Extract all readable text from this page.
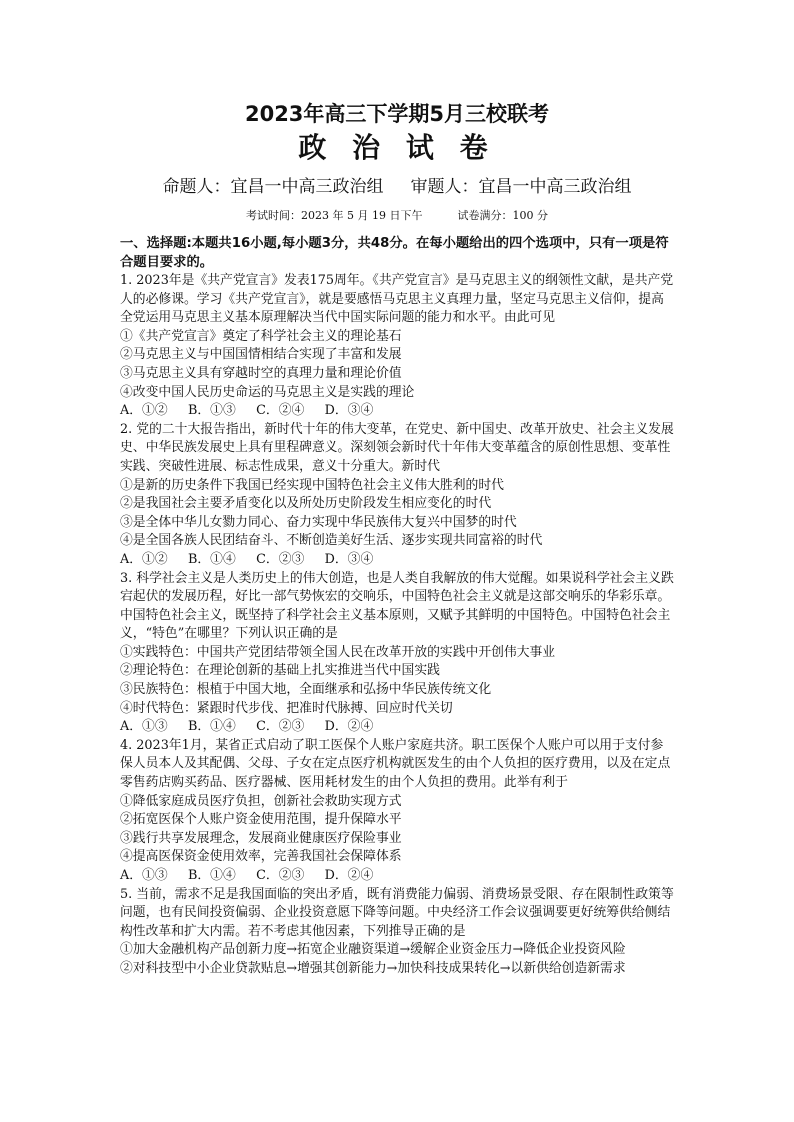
2023年高三下学期5月三校联考
政 治 试 卷
命题人：宜昌一中高三政治组     审题人：宜昌一中高三政治组
考试时间：2023 年 5 月 19 日下午          试卷满分：100 分

一、选择题:本题共16小题,每小题3分，共48分。在每小题给出的四个选项中，只有一项是符合题目要求的。

1. 2023年是《共产党宣言》发表175周年。《共产党宣言》是马克思主义的纲领性文献，是共产党人的必修课。学习《共产党宣言》，就是要感悟马克思主义真理力量，坚定马克思主义信仰，提高全党运用马克思主义基本原理解决当代中国实际问题的能力和水平。由此可见

①《共产党宣言》奠定了科学社会主义的理论基石

②马克思主义与中国国情相结合实现了丰富和发展

③马克思主义具有穿越时空的真理力量和理论价值

④改变中国人民历史命运的马克思主义是实践的理论

A．①②     B．①③     C．②④     D．③④

2. 党的二十大报告指出，新时代十年的伟大变革，在党史、新中国史、改革开放史、社会主义发展史、中华民族发展史上具有里程碑意义。深刻领会新时代十年伟大变革蕴含的原创性思想、变革性实践、突破性进展、标志性成果，意义十分重大。新时代

①是新的历史条件下我国已经实现中国特色社会主义伟大胜利的时代

②是我国社会主要矛盾变化以及所处历史阶段发生相应变化的时代

③是全体中华儿女勠力同心、奋力实现中华民族伟大复兴中国梦的时代

④是全国各族人民团结奋斗、不断创造美好生活、逐步实现共同富裕的时代

A．①②     B．①④     C．②③     D．③④

3. 科学社会主义是人类历史上的伟大创造，也是人类自我解放的伟大觉醒。如果说科学社会主义跌宕起伏的发展历程，好比一部气势恢宏的交响乐，中国特色社会主义就是这部交响乐的华彩乐章。中国特色社会主义，既坚持了科学社会主义基本原则，又赋予其鲜明的中国特色。中国特色社会主义，“特色”在哪里？下列认识正确的是

①实践特色：中国共产党团结带领全国人民在改革开放的实践中开创伟大事业

②理论特色：在理论创新的基础上扎实推进当代中国实践

③民族特色：根植于中国大地，全面继承和弘扬中华民族传统文化

④时代特色：紧跟时代步伐、把准时代脉搏、回应时代关切

A．①③     B．①④     C．②③     D．②④

4. 2023年1月，某省正式启动了职工医保个人账户家庭共济。职工医保个人账户可以用于支付参保人员本人及其配偶、父母、子女在定点医疗机构就医发生的由个人负担的医疗费用，以及在定点零售药店购买药品、医疗器械、医用耗材发生的由个人负担的费用。此举有利于

①降低家庭成员医疗负担，创新社会救助实现方式

②拓宽医保个人账户资金使用范围，提升保障水平

③践行共享发展理念，发展商业健康医疗保险事业

④提高医保资金使用效率，完善我国社会保障体系

A．①③     B．①④     C．②③     D．②④

5. 当前，需求不足是我国面临的突出矛盾，既有消费能力偏弱、消费场景受限、存在限制性政策等问题，也有民间投资偏弱、企业投资意愿下降等问题。中央经济工作会议强调要更好统筹供给侧结构性改革和扩大内需。若不考虑其他因素，下列推导正确的是

①加大金融机构产品创新力度→拓宽企业融资渠道→缓解企业资金压力→降低企业投资风险

②对科技型中小企业贷款贴息→增强其创新能力→加快科技成果转化→以新供给创造新需求
